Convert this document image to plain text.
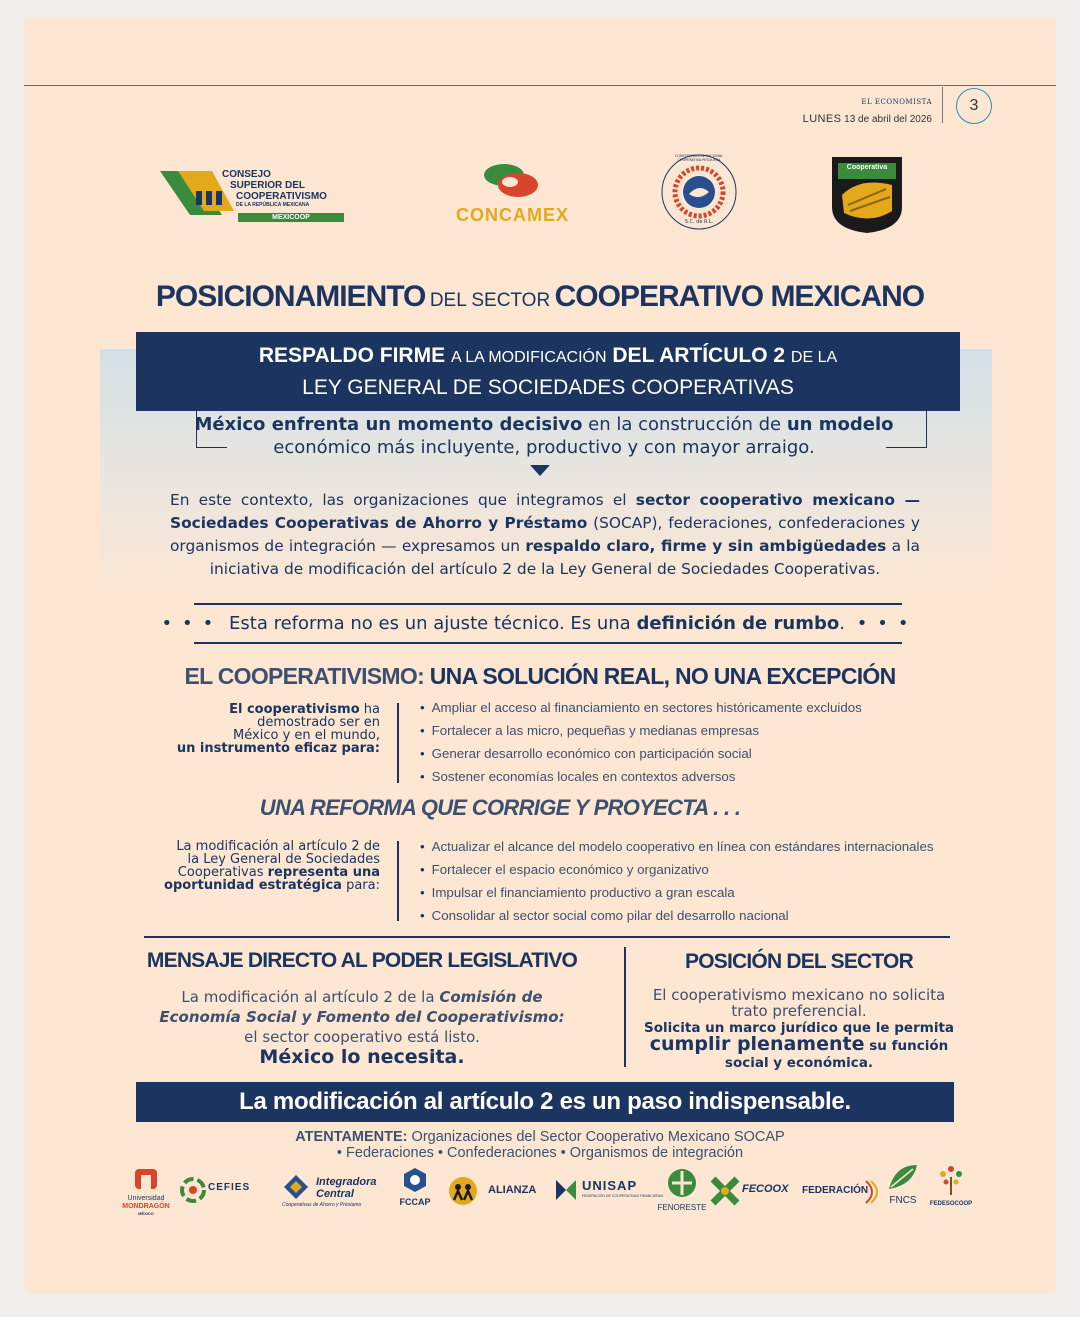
EL ECONOMISTA
LUNES 13 de abril del 2026
3
CONSEJO
SUPERIOR DEL
COOPERATIVISMO
DE LA REPÚBLICA MEXICANA
MEXICOOP	CONCAMEX
CONFEDERACIÓN NACIONAL COOPERATIVA PESQUERA
S.C. de R.L.
Cooperativa
POSICIONAMIENTO DEL SECTOR COOPERATIVO MEXICANO
RESPALDO FIRME A LA MODIFICACIÓN DEL ARTÍCULO 2 DE LA
LEY GENERAL DE SOCIEDADES COOPERATIVAS
México enfrenta un momento decisivo en la construcción de un modelo económico más incluyente, productivo y con mayor arraigo.
En este contexto, las organizaciones que integramos el sector cooperativo mexicano — Sociedades Cooperativas de Ahorro y Préstamo (SOCAP), federaciones, confederaciones y organismos de integración — expresamos un respaldo claro, firme y sin ambigüedades a la iniciativa de modificación del artículo 2 de la Ley General de Sociedades Cooperativas.
••• Esta reforma no es un ajuste técnico. Es una definición de rumbo. •••
EL COOPERATIVISMO: UNA SOLUCIÓN REAL, NO UNA EXCEPCIÓN
El cooperativismo ha
demostrado ser en
México y en el mundo,
un instrumento eficaz para:
• Ampliar el acceso al financiamiento en sectores históricamente excluidos
• Fortalecer a las micro, pequeñas y medianas empresas
• Generar desarrollo económico con participación social
• Sostener economías locales en contextos adversos
UNA REFORMA QUE CORRIGE Y PROYECTA . . .
La modificación al artículo 2 de
la Ley General de Sociedades
Cooperativas representa una
oportunidad estratégica para:
• Actualizar el alcance del modelo cooperativo en línea con estándares internacionales
• Fortalecer el espacio económico y organizativo
• Impulsar el financiamiento productivo a gran escala
• Consolidar al sector social como pilar del desarrollo nacional
MENSAJE DIRECTO AL PODER LEGISLATIVO
La modificación al artículo 2 de la Comisión de
Economía Social y Fomento del Cooperativismo:
el sector cooperativo está listo.
México lo necesita.
POSICIÓN DEL SECTOR
El cooperativismo mexicano no solicita
trato preferencial.
Solicita un marco jurídico que le permita
cumplir plenamente su función
social y económica.
La modificación al artículo 2 es un paso indispensable.
ATENTAMENTE: Organizaciones del Sector Cooperativo Mexicano SOCAP
• Federaciones • Confederaciones • Organismos de integración
Universidad
MONDRAGÓN
MÉXICO
CEFIES	Integradora
Central
Cooperativas de Ahorro y Préstamo	FCCAP
ALIANZA	UNISAP
FEDERACIÓN DE COOPERATIVAS FINANCIERAS
FENORESTE
FECOOX FEDERACIÓN
FNCS	FEDESOCOOP
